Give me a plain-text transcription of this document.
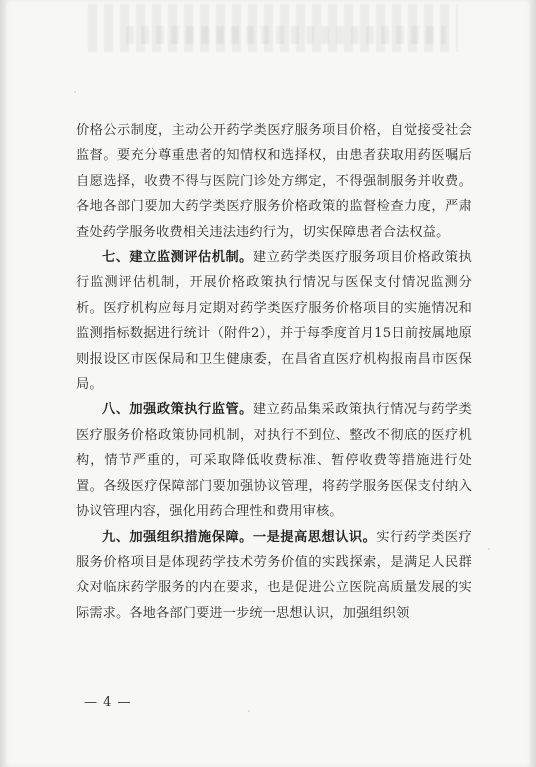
价格公示制度，主动公开药学类医疗服务项目价格，自觉接受社会监督。要充分尊重患者的知情权和选择权，由患者获取用药医嘱后自愿选择，收费不得与医院门诊处方绑定，不得强制服务并收费。各地各部门要加大药学类医疗服务价格政策的监督检查力度，严肃查处药学服务收费相关违法违约行为，切实保障患者合法权益。

七、建立监测评估机制。建立药学类医疗服务项目价格政策执行监测评估机制，开展价格政策执行情况与医保支付情况监测分析。医疗机构应每月定期对药学类医疗服务价格项目的实施情况和监测指标数据进行统计（附件2），并于每季度首月15日前按属地原则报设区市医保局和卫生健康委，在昌省直医疗机构报南昌市医保局。

八、加强政策执行监管。建立药品集采政策执行情况与药学类医疗服务价格政策协同机制，对执行不到位、整改不彻底的医疗机构，情节严重的，可采取降低收费标准、暂停收费等措施进行处置。各级医疗保障部门要加强协议管理，将药学服务医保支付纳入协议管理内容，强化用药合理性和费用审核。

九、加强组织措施保障。一是提高思想认识。实行药学类医疗服务价格项目是体现药学技术劳务价值的实践探索，是满足人民群众对临床药学服务的内在要求，也是促进公立医院高质量发展的实际需求。各地各部门要进一步统一思想认识，加强组织领

— 4 —
